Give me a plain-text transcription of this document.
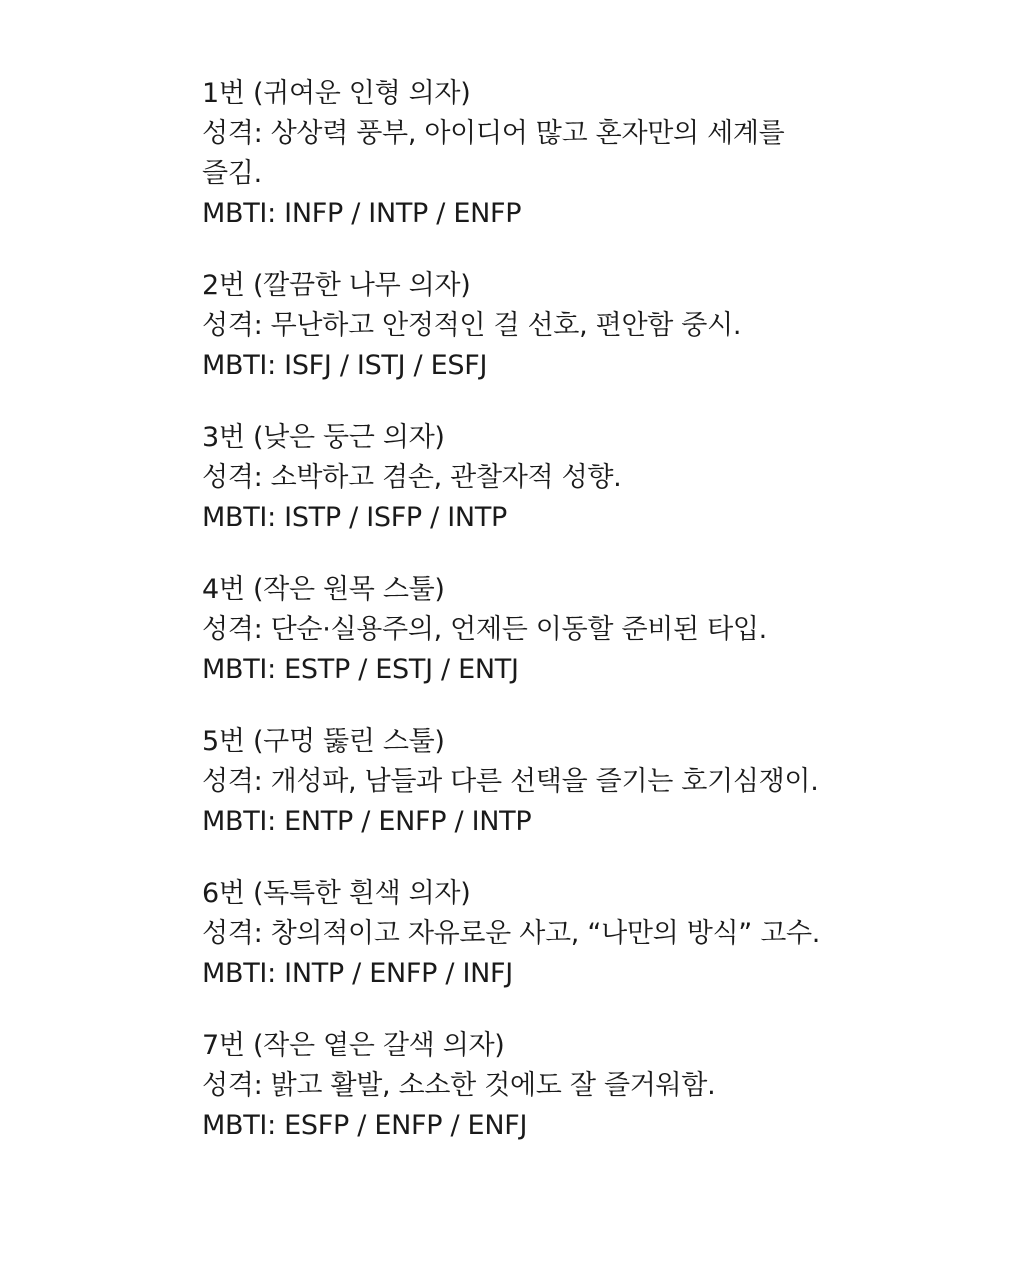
1번 (귀여운 인형 의자)
성격: 상상력 풍부, 아이디어 많고 혼자만의 세계를
즐김.
MBTI: INFP / INTP / ENFP
2번 (깔끔한 나무 의자)
성격: 무난하고 안정적인 걸 선호, 편안함 중시.
MBTI: ISFJ / ISTJ / ESFJ
3번 (낮은 둥근 의자)
성격: 소박하고 겸손, 관찰자적 성향.
MBTI: ISTP / ISFP / INTP
4번 (작은 원목 스툴)
성격: 단순·실용주의, 언제든 이동할 준비된 타입.
MBTI: ESTP / ESTJ / ENTJ
5번 (구멍 뚫린 스툴)
성격: 개성파, 남들과 다른 선택을 즐기는 호기심쟁이.
MBTI: ENTP / ENFP / INTP
6번 (독특한 흰색 의자)
성격: 창의적이고 자유로운 사고, “나만의 방식” 고수.
MBTI: INTP / ENFP / INFJ
7번 (작은 옅은 갈색 의자)
성격: 밝고 활발, 소소한 것에도 잘 즐거워함.
MBTI: ESFP / ENFP / ENFJ
